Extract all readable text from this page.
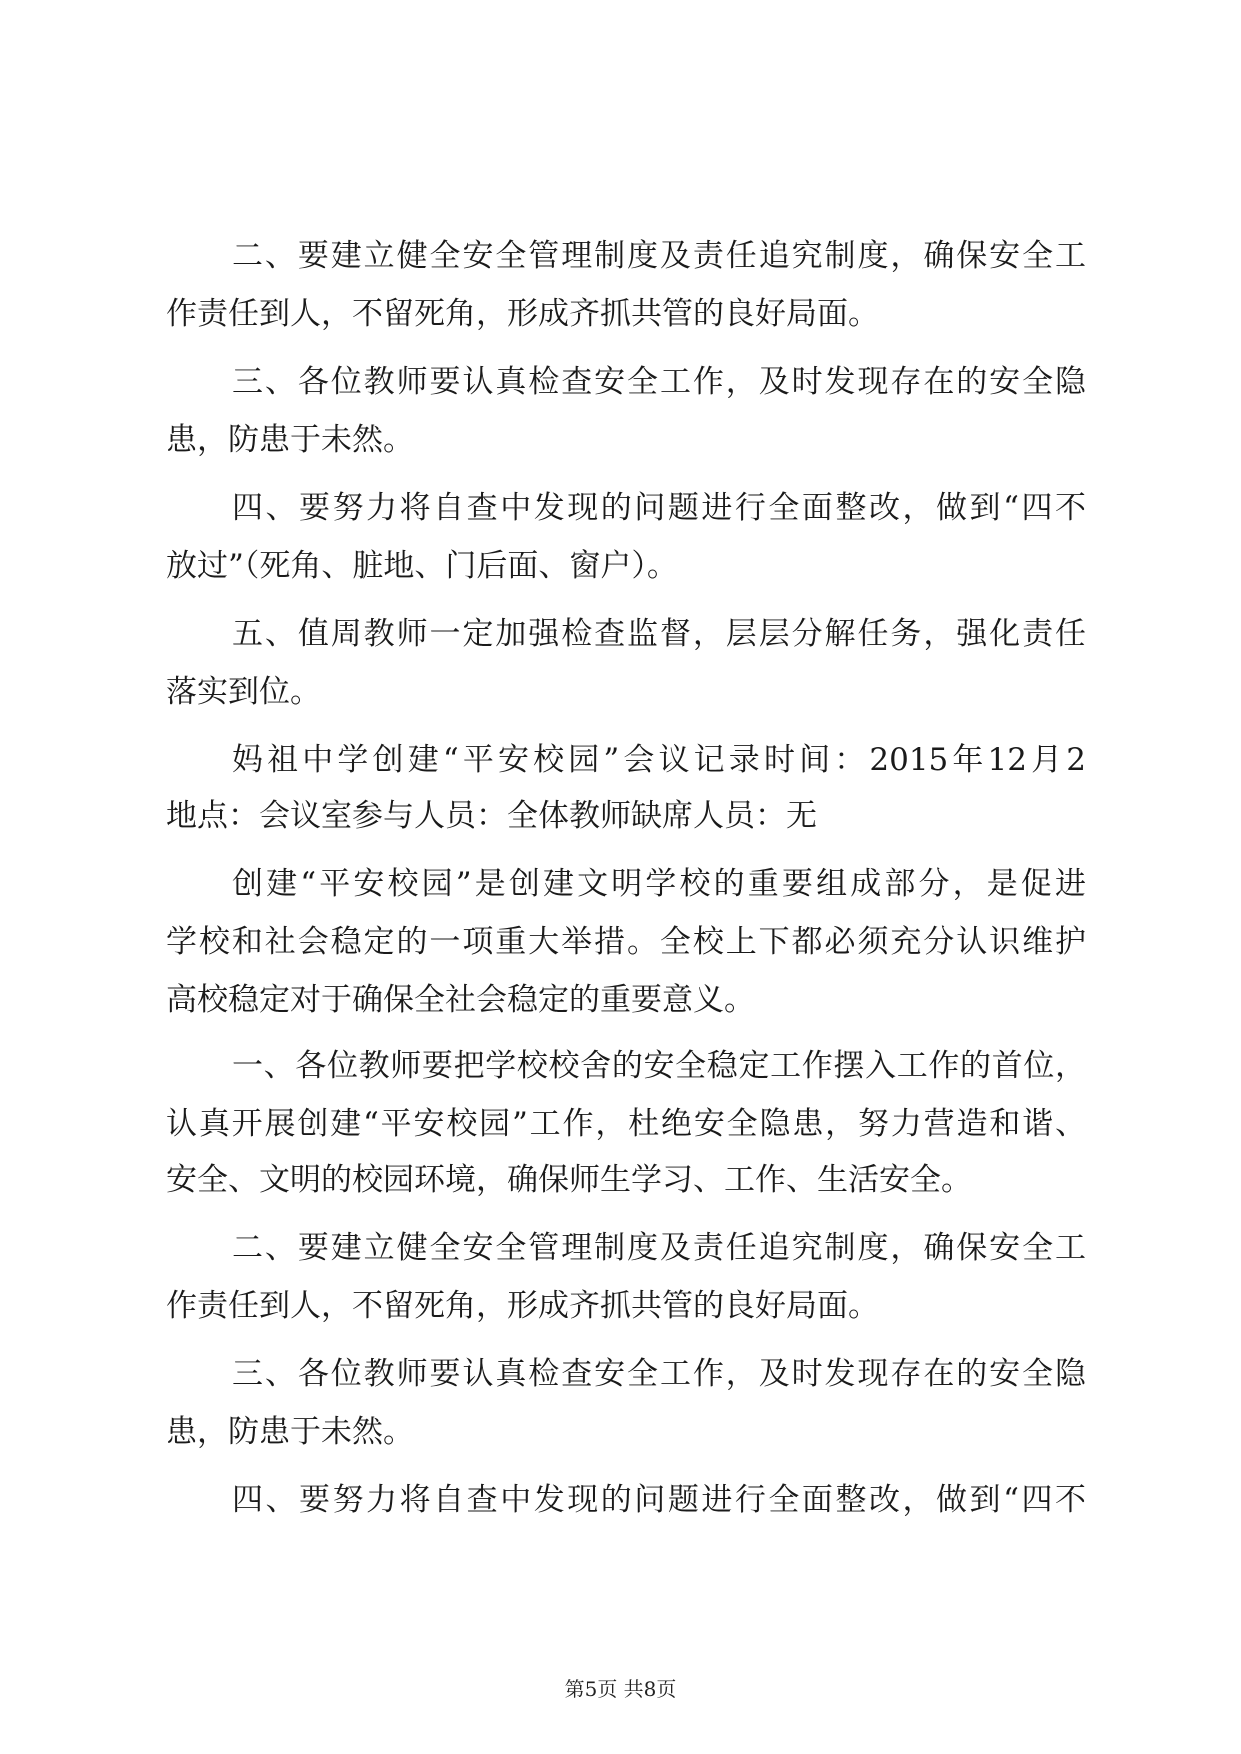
二、要建立健全安全管理制度及责任追究制度，确保安全工
作责任到人，不留死角，形成齐抓共管的良好局面。
三、各位教师要认真检查安全工作，及时发现存在的安全隐
患，防患于未然。
四、要努力将自查中发现的问题进行全面整改，做到“四不
放过”（死角、脏地、门后面、窗户）。
五、值周教师一定加强检查监督，层层分解任务，强化责任
落实到位。
妈祖中学创建“平安校园”会议记录时间：2015年12月2
地点：会议室参与人员：全体教师缺席人员：无
创建“平安校园”是创建文明学校的重要组成部分，是促进
学校和社会稳定的一项重大举措。全校上下都必须充分认识维护
高校稳定对于确保全社会稳定的重要意义。
一、各位教师要把学校校舍的安全稳定工作摆入工作的首位，
认真开展创建“平安校园”工作，杜绝安全隐患，努力营造和谐、
安全、文明的校园环境，确保师生学习、工作、生活安全。
二、要建立健全安全管理制度及责任追究制度，确保安全工
作责任到人，不留死角，形成齐抓共管的良好局面。
三、各位教师要认真检查安全工作，及时发现存在的安全隐
患，防患于未然。
四、要努力将自查中发现的问题进行全面整改，做到“四不
第5页 共8页
